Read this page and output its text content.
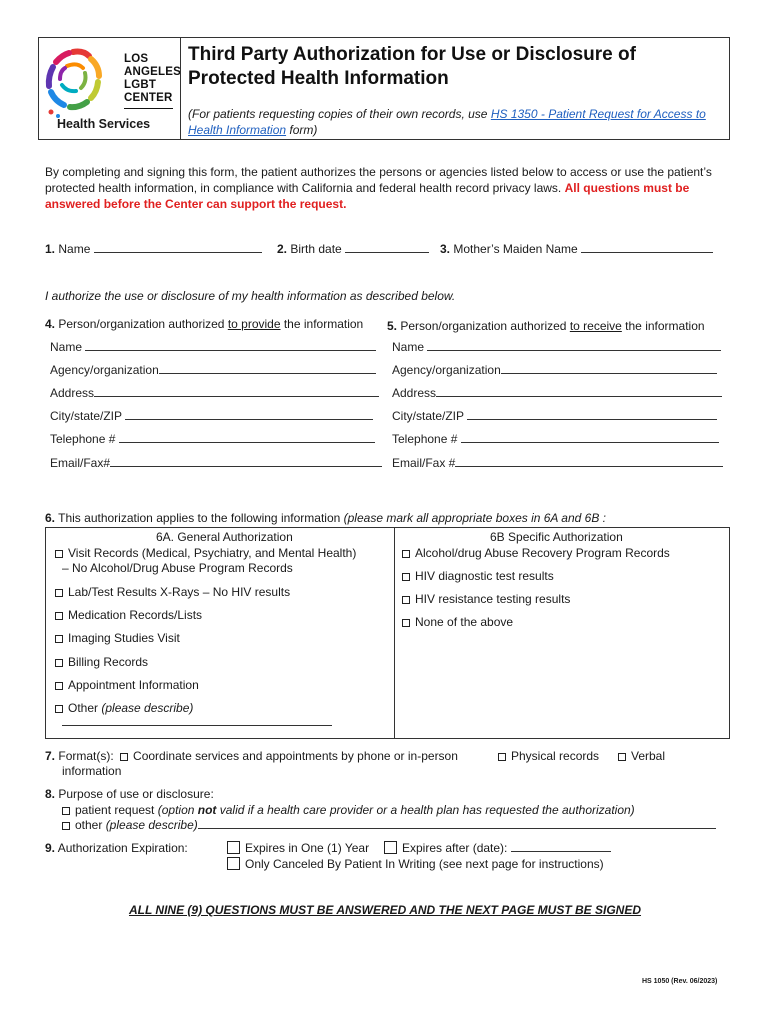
LOS
ANGELES
LGBT
CENTER
Health Services
Third Party Authorization for Use or Disclosure of
Protected Health Information
(For patients requesting copies of their own records, use HS 1350 - Patient Request for Access to Health Information form)
By completing and signing this form, the patient authorizes the persons or agencies listed below to access or use the patient’s protected health information, in compliance with California and federal health record privacy laws. All questions must be answered before the Center can support the request.
1. Name	2. Birth date	3. Mother’s Maiden Name
I authorize the use or disclosure of my health information as described below.
4. Person/organization authorized to provide the information 5. Person/organization authorized to receive the information
Name
Agency/organization
Address
City/state/ZIP
Telephone #
Email/Fax#
Name
Agency/organization
Address
City/state/ZIP
Telephone #
Email/Fax #
6. This authorization applies to the following information (please mark all appropriate boxes in 6A and 6B :
6A. General Authorization	6B Specific Authorization
Visit Records (Medical, Psychiatry, and Mental Health)
– No Alcohol/Drug Abuse Program Records
Lab/Test Results X-Rays – No HIV results
Medication Records/Lists
Imaging Studies Visit
Billing Records
Appointment Information
Other (please describe)
Alcohol/drug Abuse Recovery Program Records
HIV diagnostic test results
HIV resistance testing results
None of the above
7. Format(s): Coordinate services and appointments by phone or in-person	Physical records	Verbal
information
8. Purpose of use or disclosure:
patient request (option not valid if a health care provider or a health plan has requested the authorization)
other (please describe)
9. Authorization Expiration:	Expires in One (1) Year	Expires after (date):
Only Canceled By Patient In Writing (see next page for instructions)
ALL NINE (9) QUESTIONS MUST BE ANSWERED AND THE NEXT PAGE MUST BE SIGNED
HS 1050 (Rev. 06/2023)
